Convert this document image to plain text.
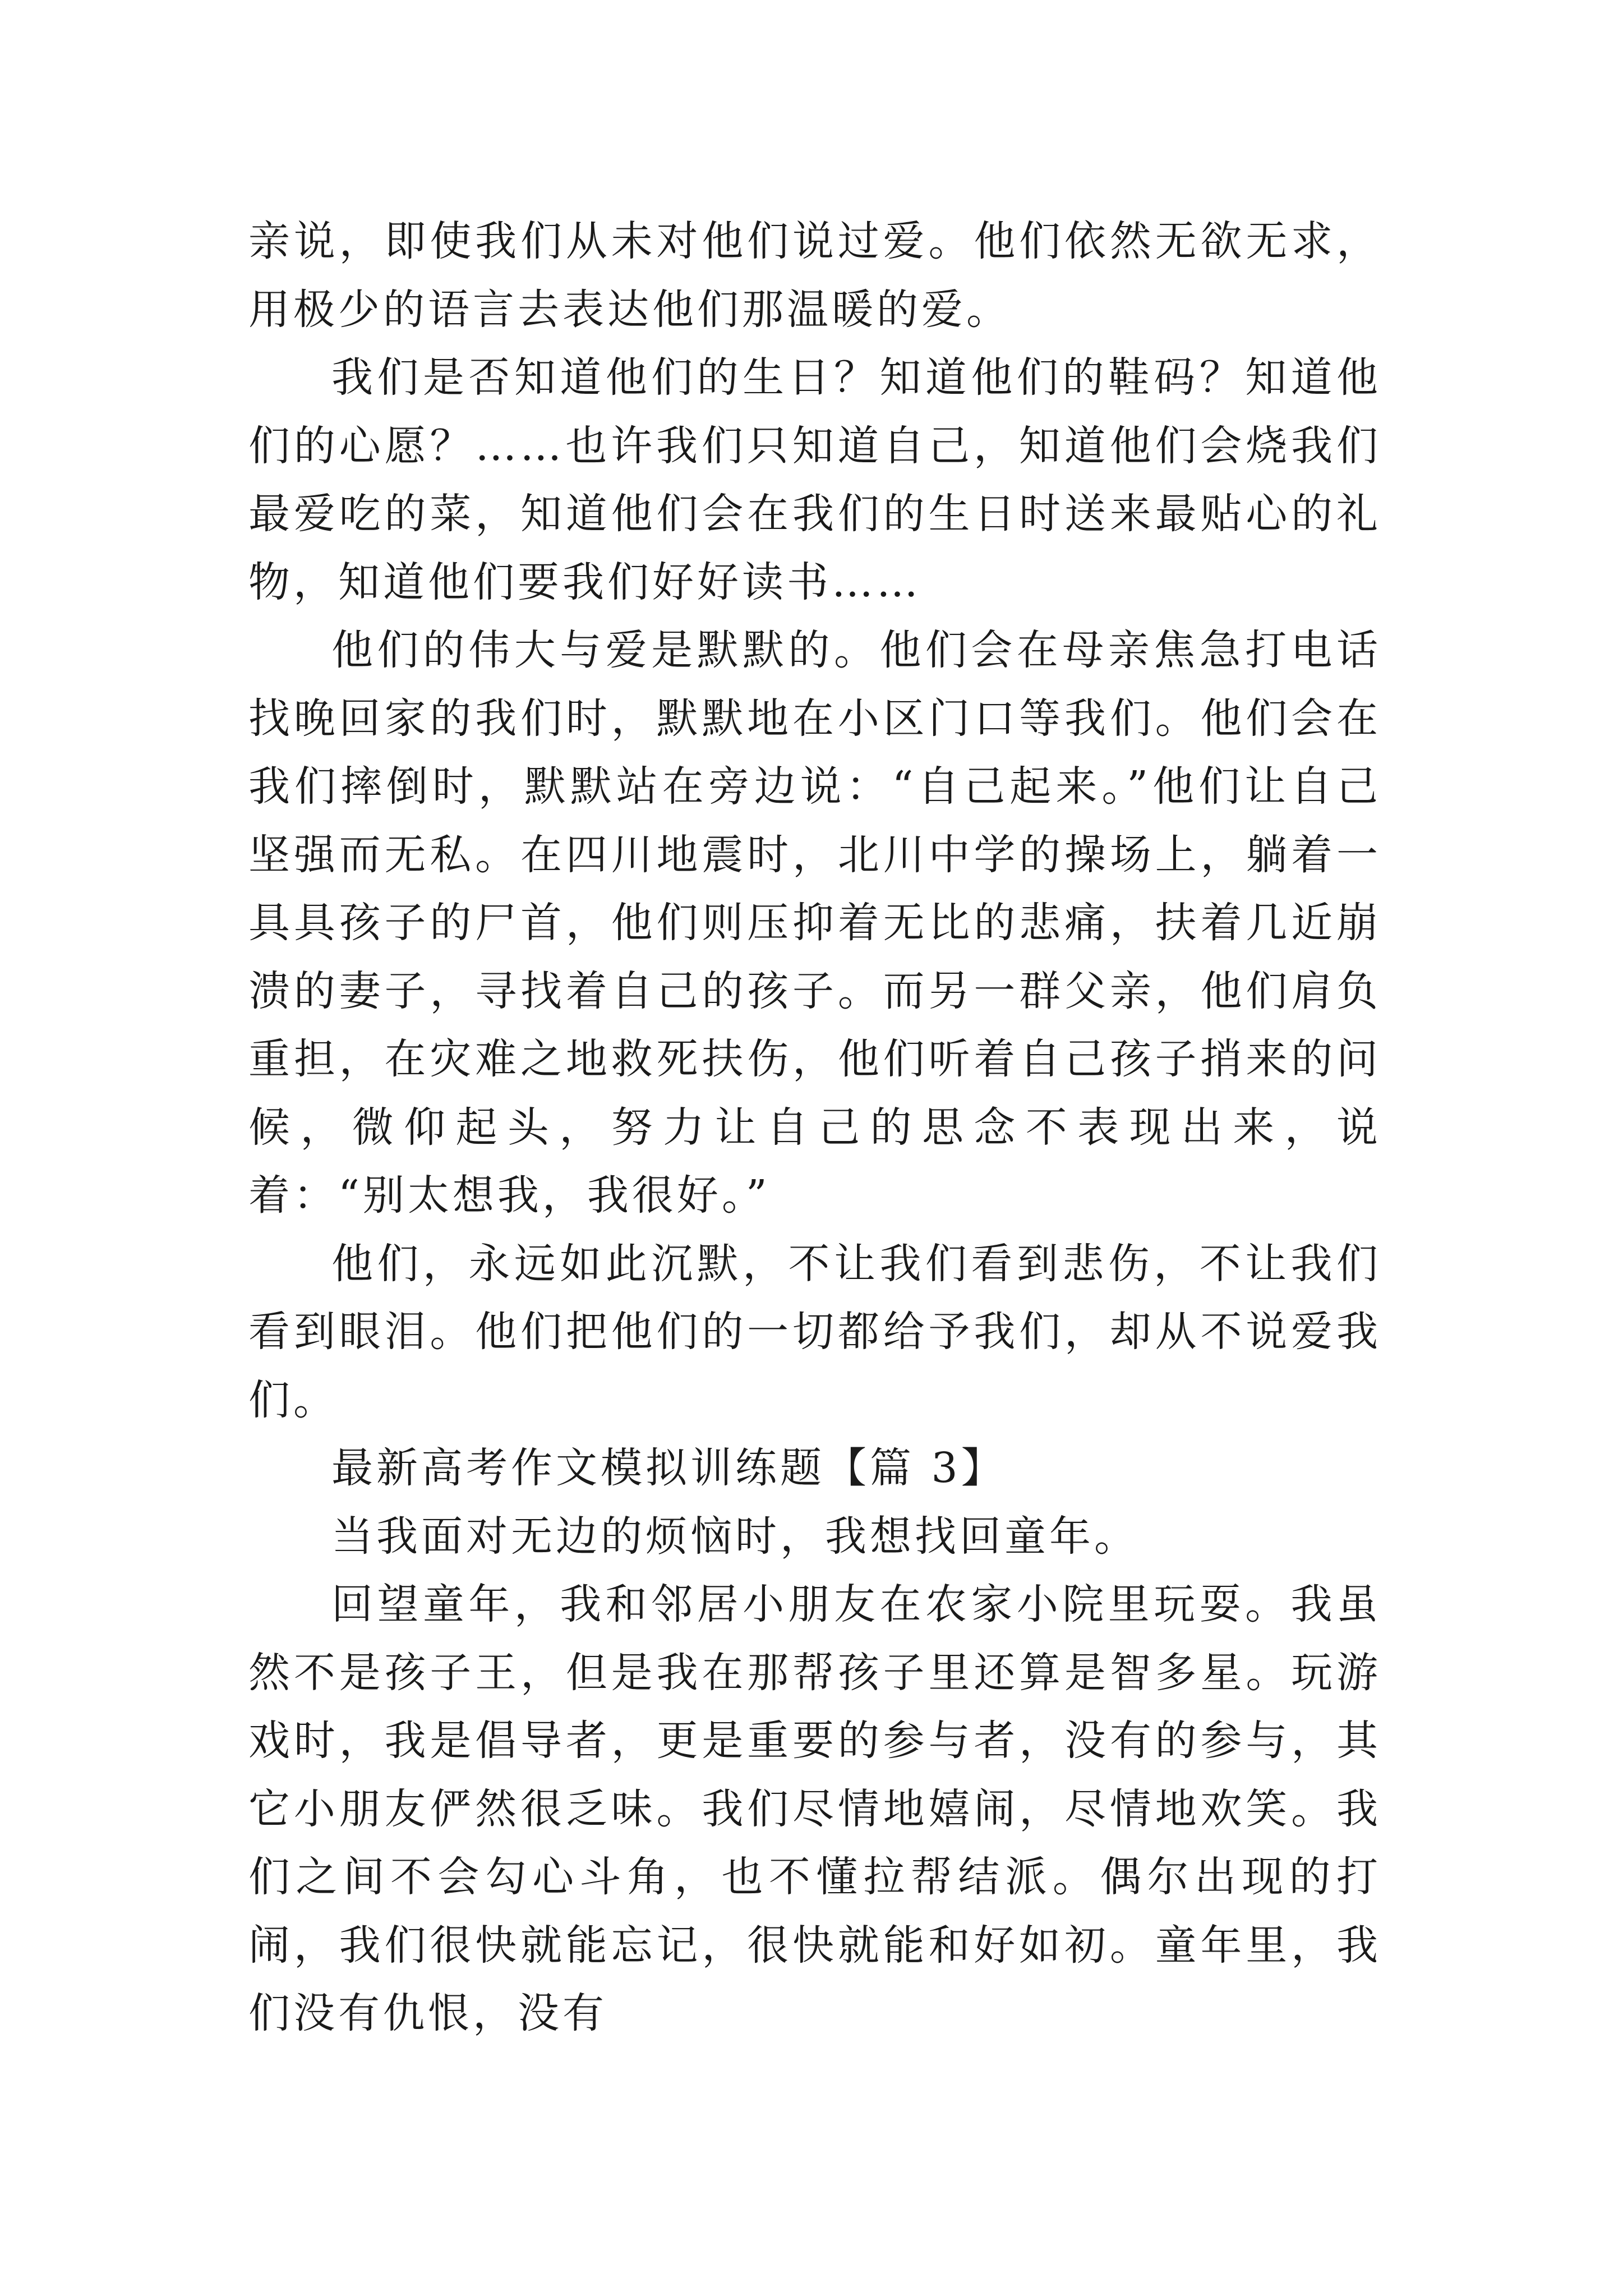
亲说，即使我们从未对他们说过爱。他们依然无欲无求，用极少的语言去表达他们那温暖的爱。

我们是否知道他们的生日？知道他们的鞋码？知道他们的心愿？……也许我们只知道自己，知道他们会烧我们最爱吃的菜，知道他们会在我们的生日时送来最贴心的礼物，知道他们要我们好好读书……

他们的伟大与爱是默默的。他们会在母亲焦急打电话找晚回家的我们时，默默地在小区门口等我们。他们会在我们摔倒时，默默站在旁边说：“自己起来。”他们让自己坚强而无私。在四川地震时，北川中学的操场上，躺着一具具孩子的尸首，他们则压抑着无比的悲痛，扶着几近崩溃的妻子，寻找着自己的孩子。而另一群父亲，他们肩负重担，在灾难之地救死扶伤，他们听着自己孩子捎来的问候，微仰起头，努力让自己的思念不表现出来，说着：“别太想我，我很好。”

他们，永远如此沉默，不让我们看到悲伤，不让我们看到眼泪。他们把他们的一切都给予我们，却从不说爱我们。

最新高考作文模拟训练题【篇 3】

当我面对无边的烦恼时，我想找回童年。

回望童年，我和邻居小朋友在农家小院里玩耍。我虽然不是孩子王，但是我在那帮孩子里还算是智多星。玩游戏时，我是倡导者，更是重要的参与者，没有的参与，其它小朋友俨然很乏味。我们尽情地嬉闹，尽情地欢笑。我们之间不会勾心斗角，也不懂拉帮结派。偶尔出现的打闹，我们很快就能忘记，很快就能和好如初。童年里，我们没有仇恨，没有
